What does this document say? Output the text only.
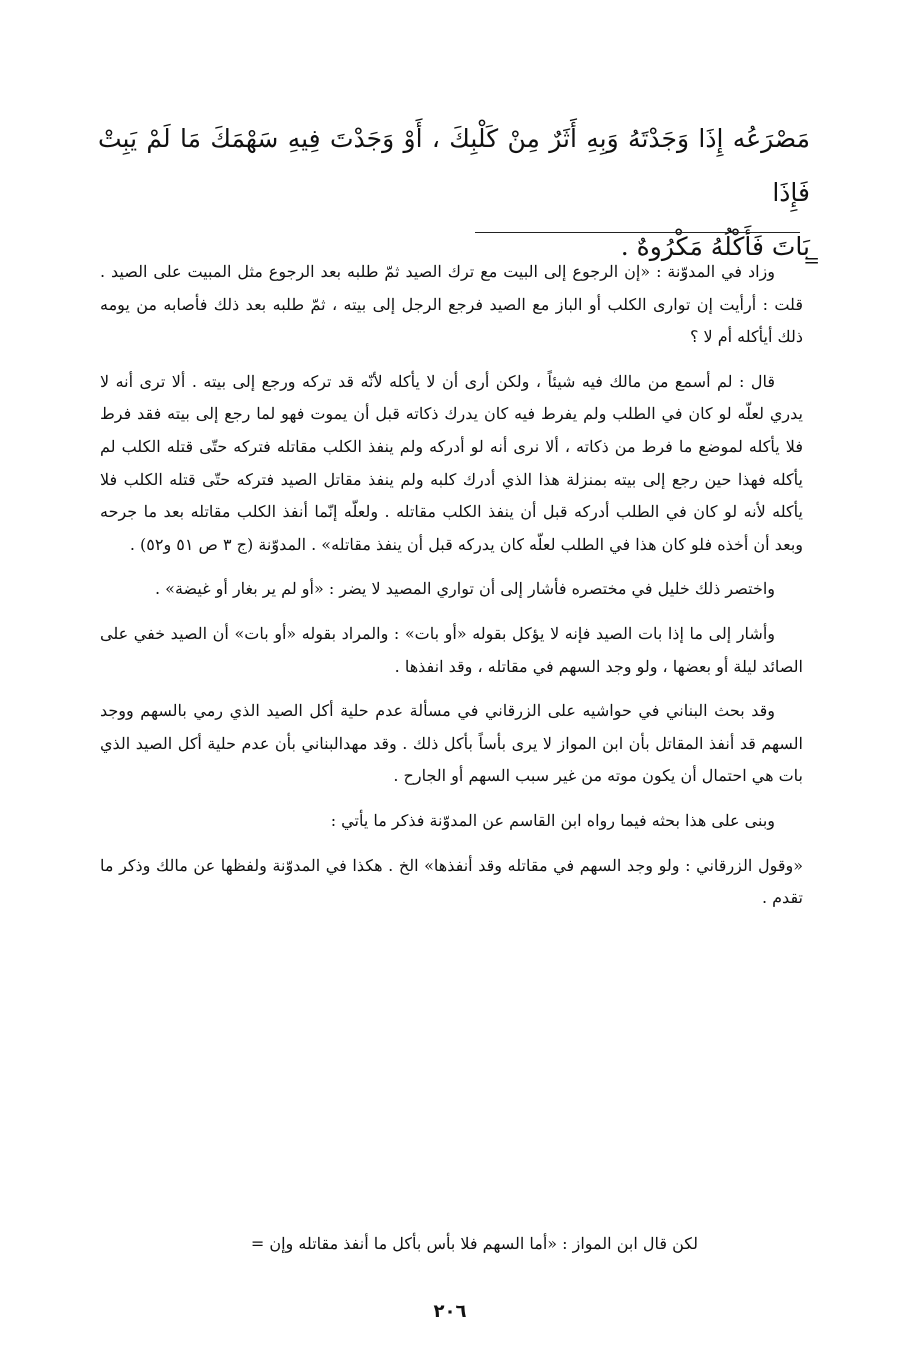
مَصْرَعُه إِذَا وَجَدْتَهُ وَبِهِ أَثَرٌ مِنْ كَلْبِكَ ، أَوْ وَجَدْتَ فِيهِ سَهْمَكَ مَا لَمْ يَبِتْ فَإِذَا
بَاتَ فَأَكْلُهُ مَكْرُوهٌ .
=

وزاد في المدوّنة : «إن الرجوع إلى البيت مع ترك الصيد ثمّ طلبه بعد الرجوع مثل المبيت على الصيد . قلت : أرأيت إن توارى الكلب أو الباز مع الصيد فرجع الرجل إلى بيته ، ثمّ طلبه بعد ذلك فأصابه من يومه ذلك أيأكله أم لا ؟

قال : لم أسمع من مالك فيه شيئاً ، ولكن أرى أن لا يأكله لأنّه قد تركه ورجع إلى بيته . ألا ترى أنه لا يدري لعلّه لو كان في الطلب ولم يفرط فيه كان يدرك ذكاته قبل أن يموت فهو لما رجع إلى بيته فقد فرط فلا يأكله لموضع ما فرط من ذكاته ، ألا نرى أنه لو أدركه ولم ينفذ الكلب مقاتله فتركه حتّى قتله الكلب لم يأكله فهذا حين رجع إلى بيته بمنزلة هذا الذي أدرك كلبه ولم ينفذ مقاتل الصيد فتركه حتّى قتله الكلب فلا يأكله لأنه لو كان في الطلب أدركه قبل أن ينفذ الكلب مقاتله . ولعلّه إنّما أنفذ الكلب مقاتله بعد ما جرحه وبعد أن أخذه فلو كان هذا في الطلب لعلّه كان يدركه قبل أن ينفذ مقاتله» . المدوّنة (ج ٣ ص ٥١ و٥٢) .

واختصر ذلك خليل في مختصره فأشار إلى أن تواري المصيد لا يضر : «أو لم ير بغار أو غيضة» .

وأشار إلى ما إذا بات الصيد فإنه لا يؤكل بقوله «أو بات» : والمراد بقوله «أو بات» أن الصيد خفي على الصائد ليلة أو بعضها ، ولو وجد السهم في مقاتله ، وقد انفذها .

وقد بحث البناني في حواشيه على الزرقاني في مسألة عدم حلية أكل الصيد الذي رمي بالسهم ووجد السهم قد أنفذ المقاتل بأن ابن المواز لا يرى بأساً بأكل ذلك . وقد مهدالبناني بأن عدم حلية أكل الصيد الذي بات هي احتمال أن يكون موته من غير سبب السهم أو الجارح .

وبنى على هذا بحثه فيما رواه ابن القاسم عن المدوّنة فذكر ما يأتي :

«وقول الزرقاني : ولو وجد السهم في مقاتله وقد أنفذها» الخ . هكذا في المدوّنة ولفظها عن مالك وذكر ما تقدم .

لكن قال ابن المواز : «أما السهم فلا بأس بأكل ما أنفذ مقاتله وإن =
٢٠٦
